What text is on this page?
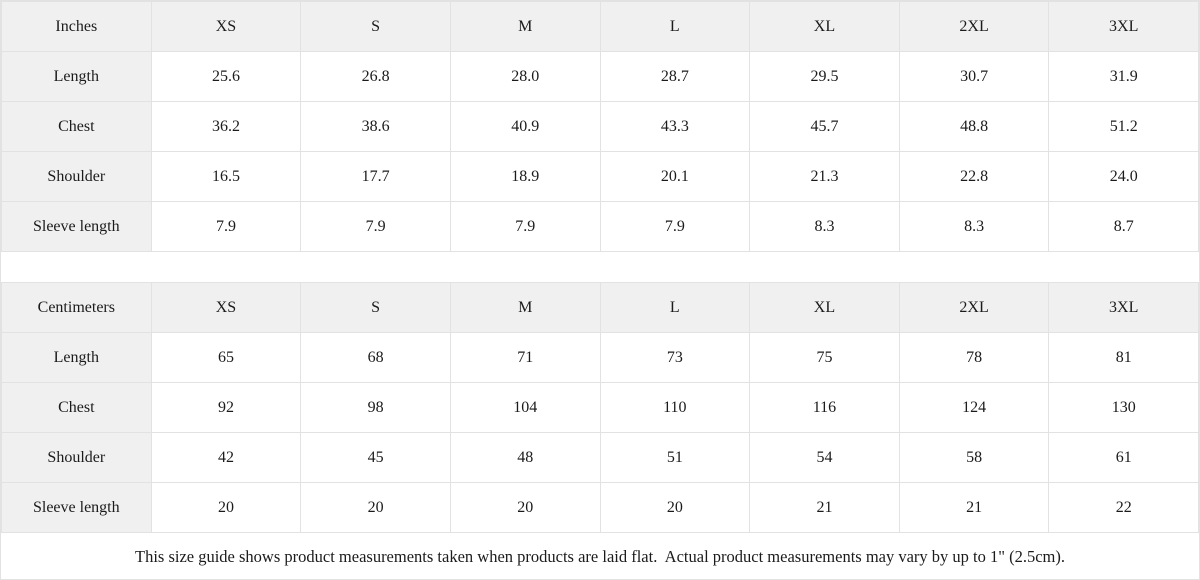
Inches	XS	S	M	L	XL	2XL	3XL
Length	25.6	26.8	28.0	28.7	29.5	30.7	31.9
Chest	36.2	38.6	40.9	43.3	45.7	48.8	51.2
Shoulder	16.5	17.7	18.9	20.1	21.3	22.8	24.0
Sleeve length	7.9	7.9	7.9	7.9	8.3	8.3	8.7
Centimeters	XS	S	M	L	XL	2XL	3XL
Length	65	68	71	73	75	78	81
Chest	92	98	104	110	116	124	130
Shoulder	42	45	48	51	54	58	61
Sleeve length	20	20	20	20	21	21	22
This size guide shows product measurements taken when products are laid flat.  Actual product measurements may vary by up to 1" (2.5cm).
